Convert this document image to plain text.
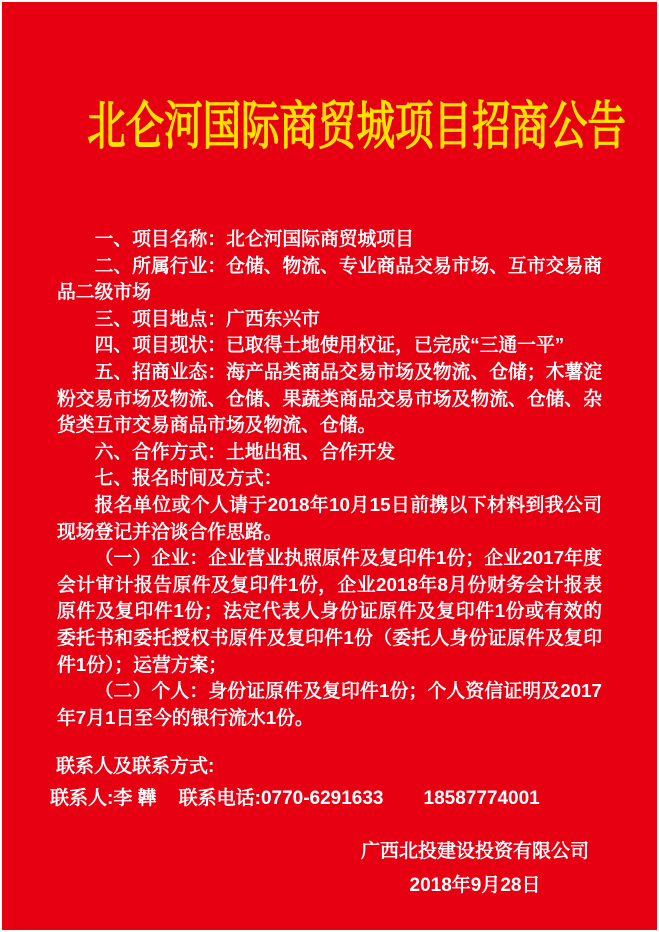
北仑河国际商贸城项目招商公告

一、项目名称：北仑河国际商贸城项目

二、所属行业：仓储、物流、专业商品交易市场、互市交易商品二级市场

三、项目地点：广西东兴市

四、项目现状：已取得土地使用权证，已完成“三通一平”

五、招商业态：海产品类商品交易市场及物流、仓储；木薯淀粉交易市场及物流、仓储、果蔬类商品交易市场及物流、仓储、杂货类互市交易商品市场及物流、仓储。

六、合作方式：土地出租、合作开发

七、报名时间及方式：

报名单位或个人请于2018年10月15日前携以下材料到我公司现场登记并洽谈合作思路。

（一）企业：企业营业执照原件及复印件1份；企业2017年度会计审计报告原件及复印件1份，企业2018年8月份财务会计报表原件及复印件1份；法定代表人身份证原件及复印件1份或有效的委托书和委托授权书原件及复印件1份（委托人身份证原件及复印件1份）；运营方案；

（二）个人：身份证原件及复印件1份；个人资信证明及2017年7月1日至今的银行流水1份。

联系人及联系方式:

联系人:李 韡 联系电话:0770-6291633 18587774001

广西北投建设投资有限公司

2018年9月28日
